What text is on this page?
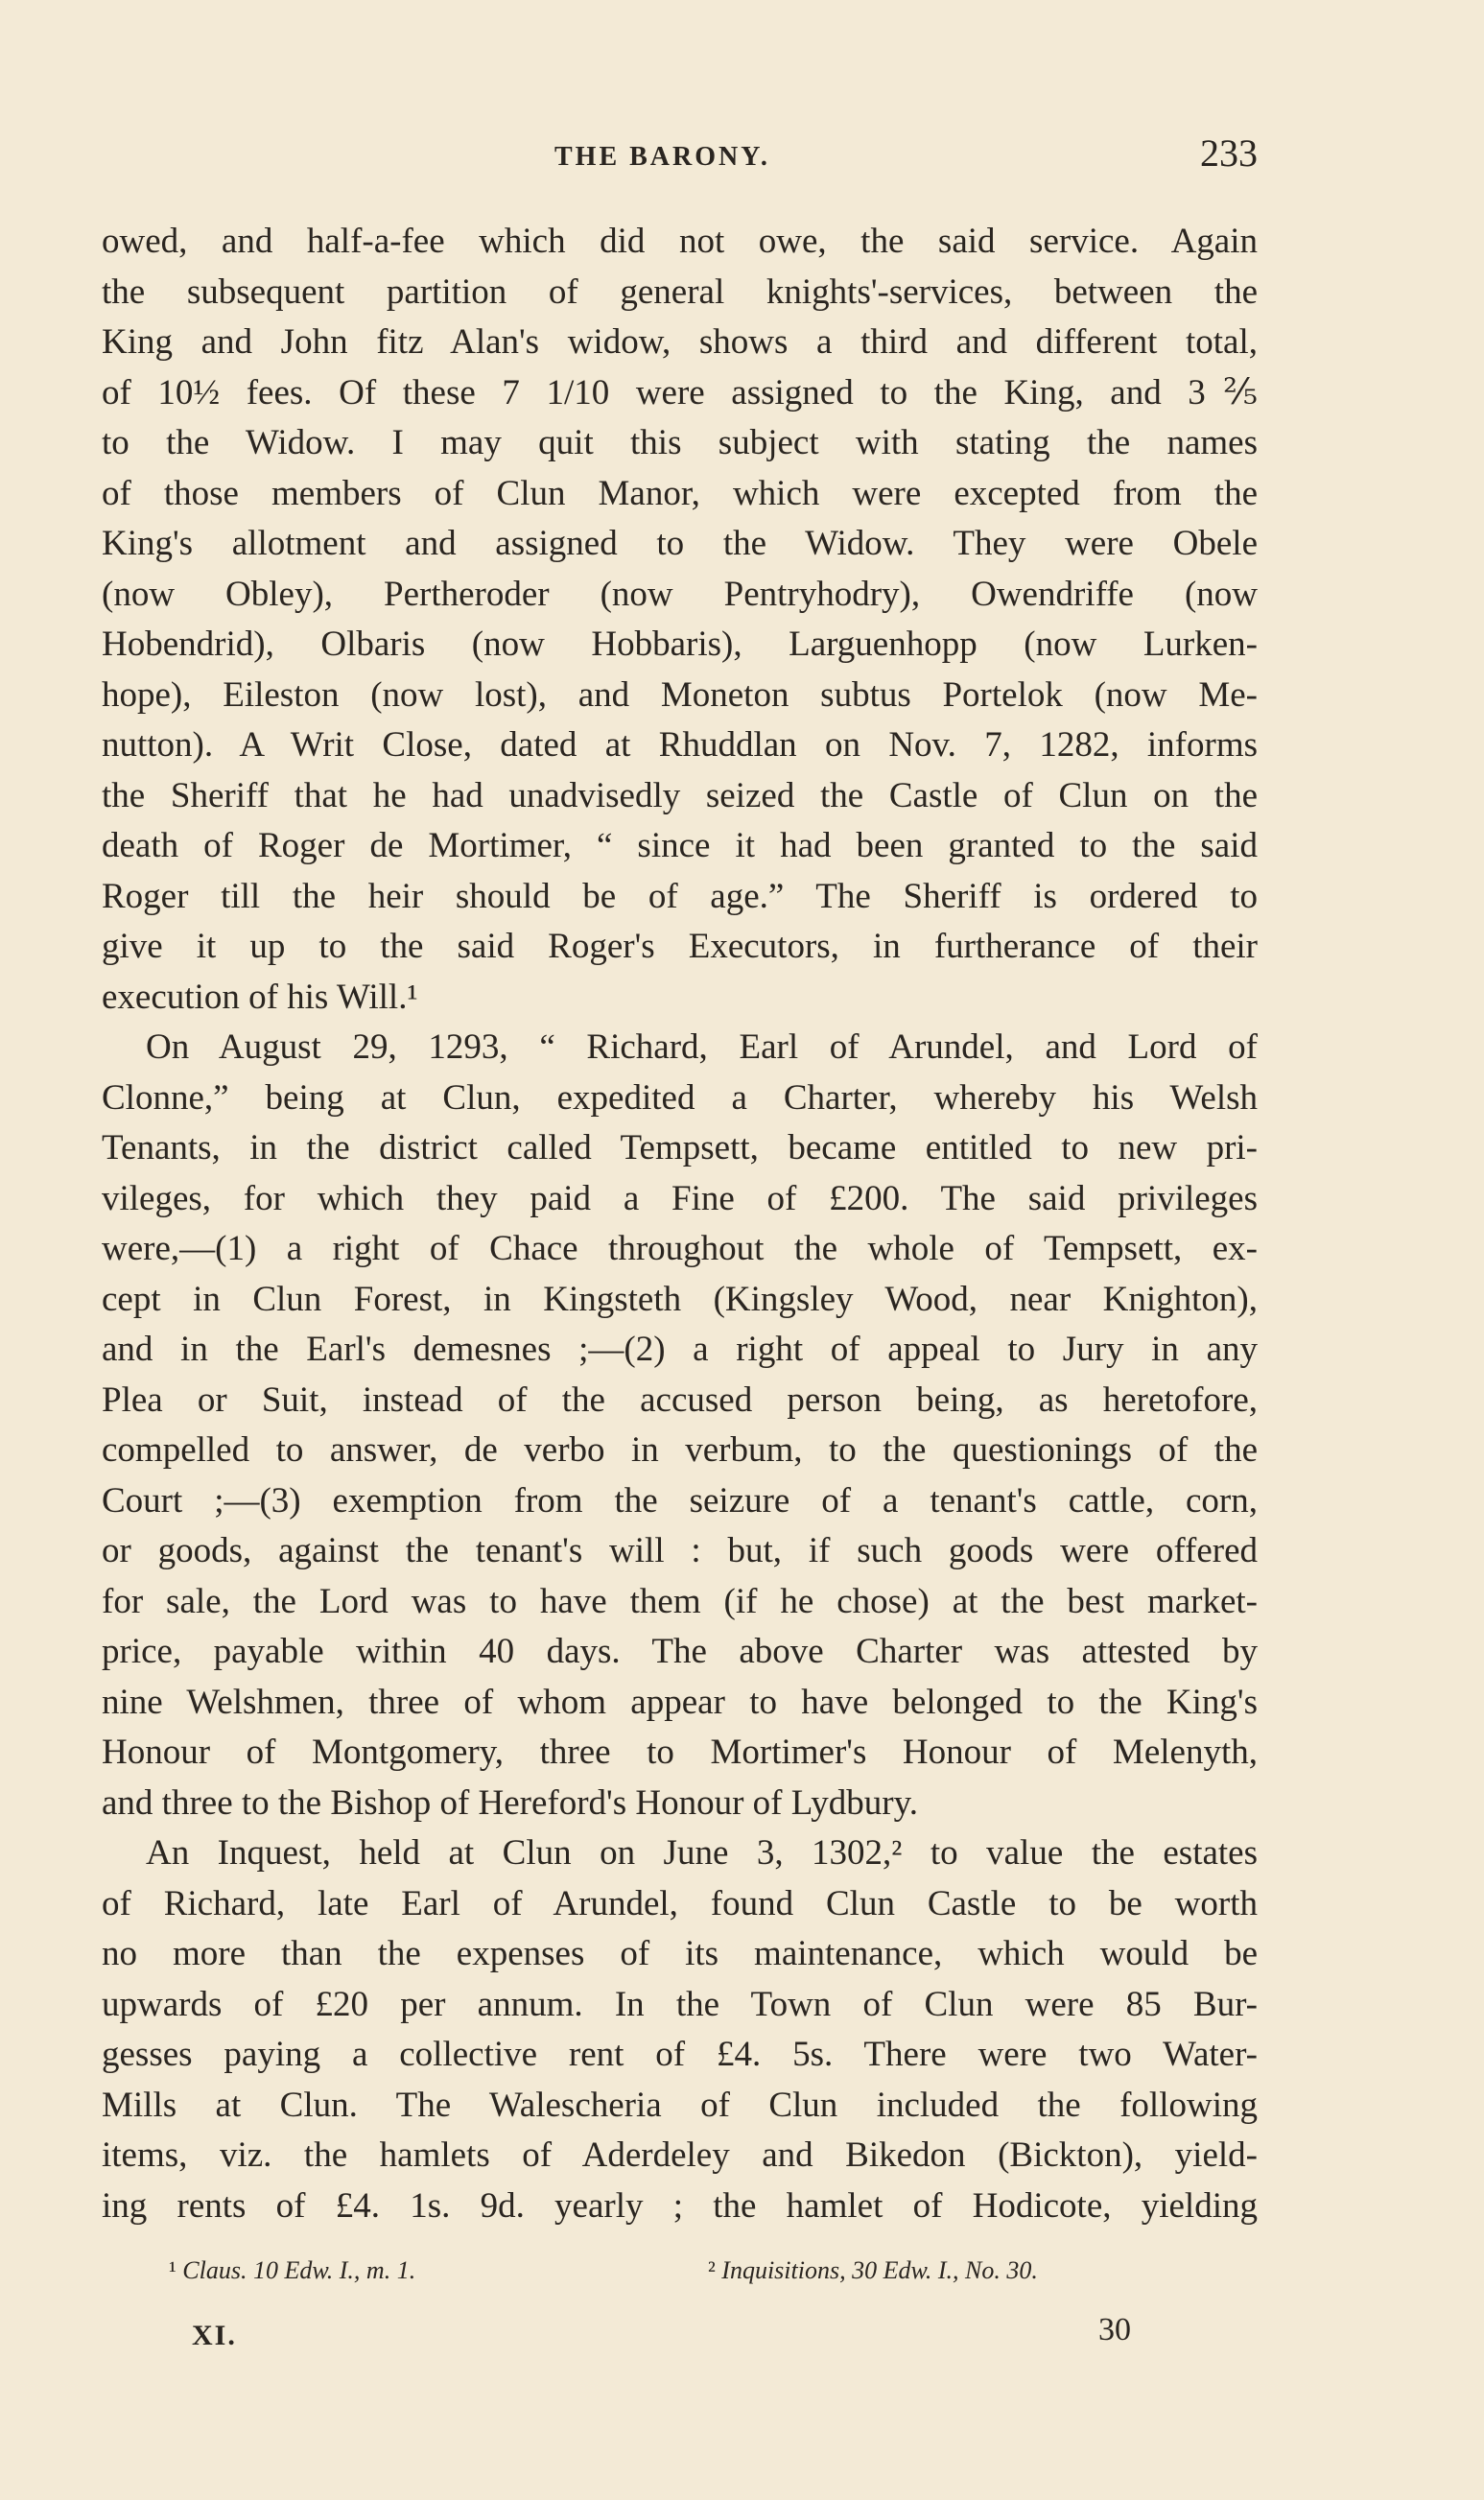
THE BARONY.	233
owed, and half-a-fee which did not owe, the said service. Again
the subsequent partition of general knights'-services, between the
King and John fitz Alan's widow, shows a third and different total,
of 10½ fees. Of these 7 1/10 were assigned to the King, and 3⅖
to the Widow. I may quit this subject with stating the names
of those members of Clun Manor, which were excepted from the
King's allotment and assigned to the Widow. They were Obele
(now Obley), Pertheroder (now Pentryhodry), Owendriffe (now
Hobendrid), Olbaris (now Hobbaris), Larguenhopp (now Lurken-
hope), Eileston (now lost), and Moneton subtus Portelok (now Me-
nutton). A Writ Close, dated at Rhuddlan on Nov. 7, 1282, informs
the Sheriff that he had unadvisedly seized the Castle of Clun on the
death of Roger de Mortimer, “ since it had been granted to the said
Roger till the heir should be of age.” The Sheriff is ordered to
give it up to the said Roger's Executors, in furtherance of their
execution of his Will.¹
On August 29, 1293, “ Richard, Earl of Arundel, and Lord of
Clonne,” being at Clun, expedited a Charter, whereby his Welsh
Tenants, in the district called Tempsett, became entitled to new pri-
vileges, for which they paid a Fine of £200. The said privileges
were,—(1) a right of Chace throughout the whole of Tempsett, ex-
cept in Clun Forest, in Kingsteth (Kingsley Wood, near Knighton),
and in the Earl's demesnes ;—(2) a right of appeal to Jury in any
Plea or Suit, instead of the accused person being, as heretofore,
compelled to answer, de verbo in verbum, to the questionings of the
Court ;—(3) exemption from the seizure of a tenant's cattle, corn,
or goods, against the tenant's will : but, if such goods were offered
for sale, the Lord was to have them (if he chose) at the best market-
price, payable within 40 days. The above Charter was attested by
nine Welshmen, three of whom appear to have belonged to the King's
Honour of Montgomery, three to Mortimer's Honour of Melenyth,
and three to the Bishop of Hereford's Honour of Lydbury.
An Inquest, held at Clun on June 3, 1302,² to value the estates
of Richard, late Earl of Arundel, found Clun Castle to be worth
no more than the expenses of its maintenance, which would be
upwards of £20 per annum. In the Town of Clun were 85 Bur-
gesses paying a collective rent of £4. 5s. There were two Water-
Mills at Clun. The Walescheria of Clun included the following
items, viz. the hamlets of Aderdeley and Bikedon (Bickton), yield-
ing rents of £4. 1s. 9d. yearly ; the hamlet of Hodicote, yielding
¹ Claus. 10 Edw. I., m. 1.	² Inquisitions, 30 Edw. I., No. 30.
XI.	30
